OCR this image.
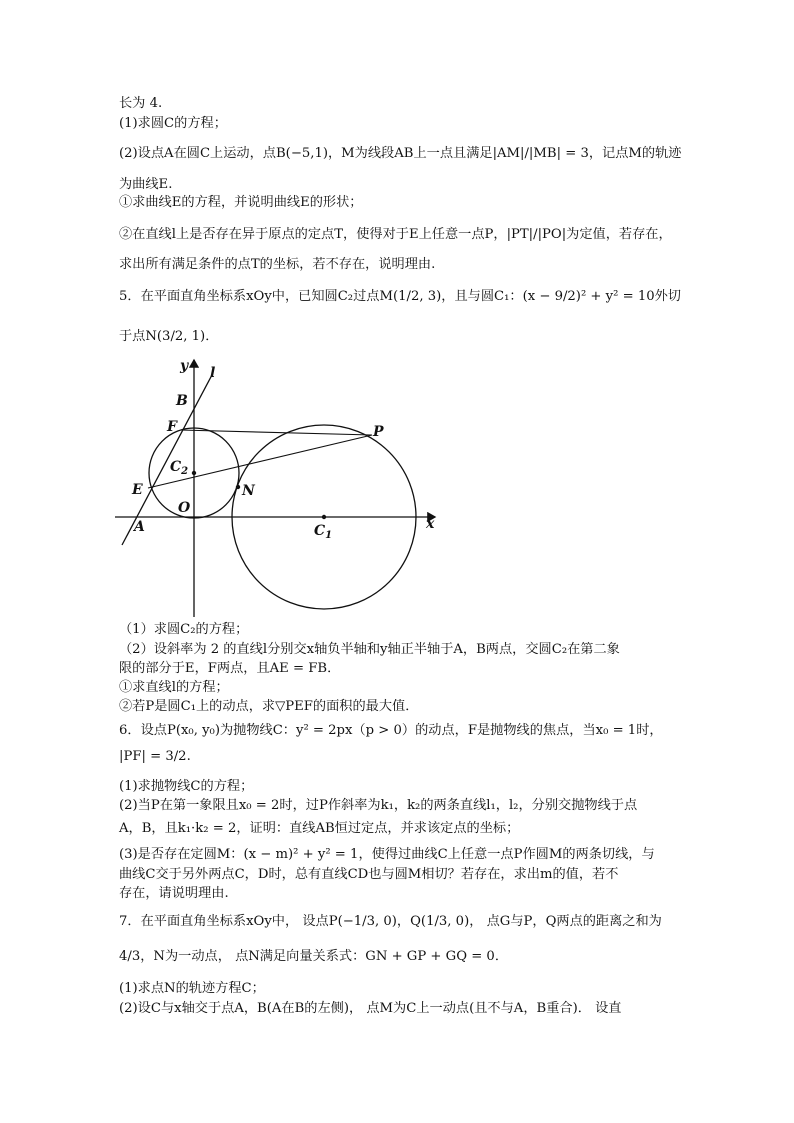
长为 4.
(1)求圆C的方程；
(2)设点A在圆C上运动，点B(−5,1)，M为线段AB上一点且满足|AM|/|MB| = 3，记点M的轨迹
为曲线E.
①求曲线E的方程，并说明曲线E的形状；
②在直线l上是否存在异于原点的定点T，使得对于E上任意一点P，|PT|/|PO|为定值，若存在，
求出所有满足条件的点T的坐标，若不存在，说明理由.
5．在平面直角坐标系xOy中，已知圆C₂过点M(1/2, 3)，且与圆C₁：(x − 9/2)² + y² = 10外切
于点N(3/2, 1)．
y l
B
F	P
$C_2$
E	N
O
A	$C_1$
x
（1）求圆C₂的方程；
（2）设斜率为 2 的直线l分别交x轴负半轴和y轴正半轴于A，B两点，交圆C₂在第二象
限的部分于E，F两点，且AE = FB．
①求直线l的方程；
②若P是圆C₁上的动点，求▽PEF的面积的最大值．
6．设点P(x₀, y₀)为抛物线C：y² = 2px（p > 0）的动点，F是抛物线的焦点，当x₀ = 1时，
|PF| = 3/2.
(1)求抛物线C的方程；
(2)当P在第一象限且x₀ = 2时，过P作斜率为k₁，k₂的两条直线l₁，l₂，分别交抛物线于点
A，B，且k₁·k₂ = 2，证明：直线AB恒过定点，并求该定点的坐标；
(3)是否存在定圆M：(x − m)² + y² = 1，使得过曲线C上任意一点P作圆M的两条切线，与
曲线C交于另外两点C，D时，总有直线CD也与圆M相切？若存在，求出m的值，若不
存在，请说明理由.
7．在平面直角坐标系xOy中， 设点P(−1/3, 0)，Q(1/3, 0)， 点G与P，Q两点的距离之和为
4/3，N为一动点， 点N满足向量关系式：GN + GP + GQ = 0．
(1)求点N的轨迹方程C；
(2)设C与x轴交于点A，B(A在B的左侧)， 点M为C上一动点(且不与A，B重合)． 设直
